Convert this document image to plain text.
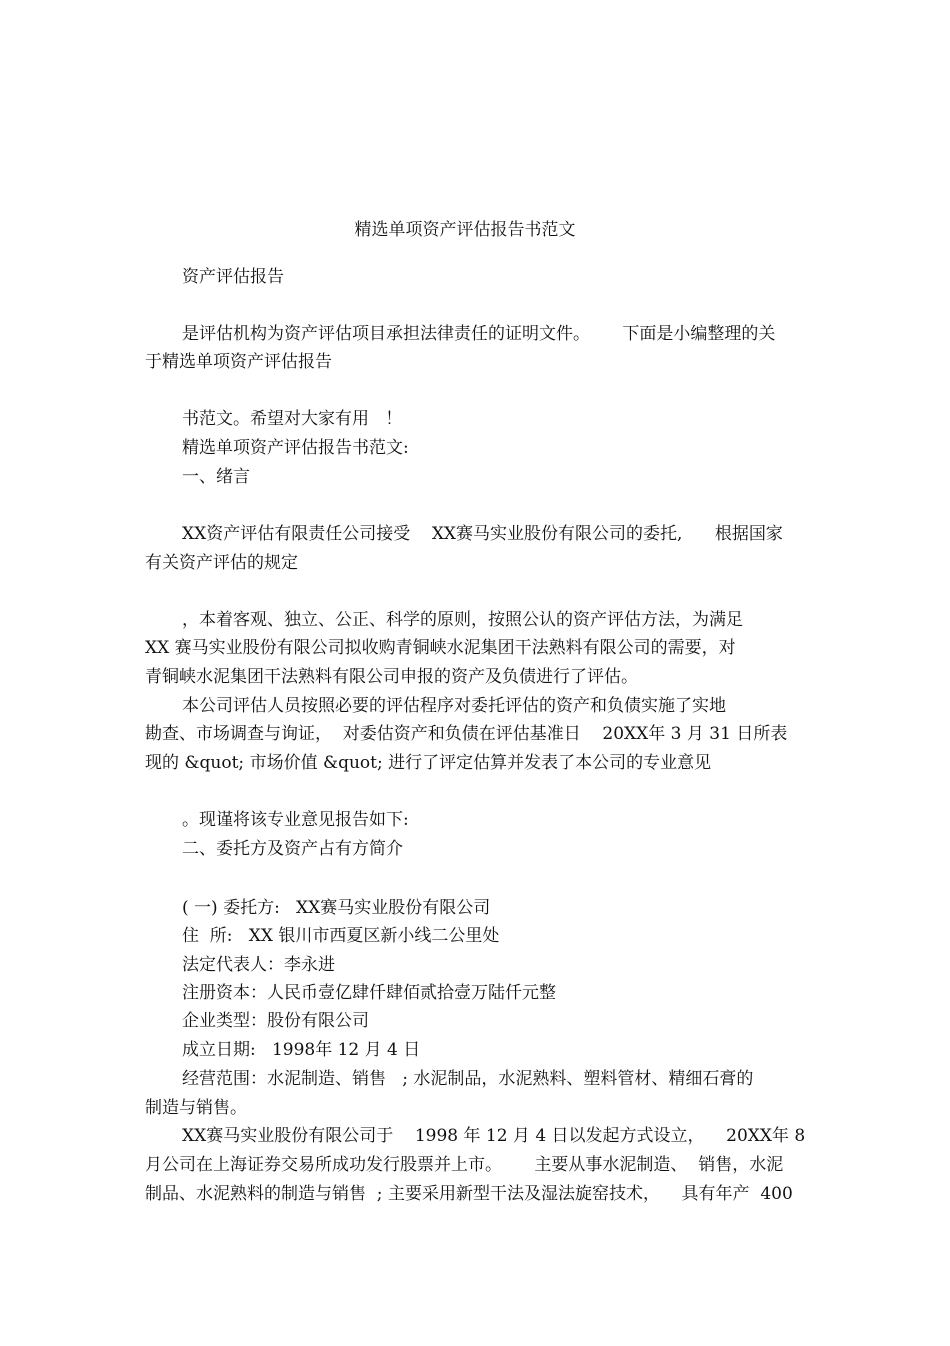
精选单项资产评估报告书范文
资产评估报告
是评估机构为资产评估项目承担法律责任的证明文件。      下面是小编整理的关
于精选单项资产评估报告
书范文。希望对大家有用   ！
精选单项资产评估报告书范文:
一、绪言
XX资产评估有限责任公司接受    XX赛马实业股份有限公司的委托,      根据国家
有关资产评估的规定
，本着客观、独立、公正、科学的原则，按照公认的资产评估方法，为满足
XX 赛马实业股份有限公司拟收购青铜峡水泥集团干法熟料有限公司的需要，对
青铜峡水泥集团干法熟料有限公司申报的资产及负债进行了评估。
本公司评估人员按照必要的评估程序对委托评估的资产和负债实施了实地
勘查、市场调查与询证，  对委估资产和负债在评估基准日    20XX年 3 月 31 日所表
现的 &quot; 市场价值 &quot; 进行了评定估算并发表了本公司的专业意见
。现谨将该专业意见报告如下:
二、委托方及资产占有方简介
( 一) 委托方:   XX赛马实业股份有限公司
住  所:   XX 银川市西夏区新小线二公里处
法定代表人：李永进
注册资本：人民币壹亿肆仟肆佰贰拾壹万陆仟元整
企业类型：股份有限公司
成立日期:   1998年 12 月 4 日
经营范围：水泥制造、销售   ; 水泥制品，水泥熟料、塑料管材、精细石膏的
制造与销售。
XX赛马实业股份有限公司于    1998 年 12 月 4 日以发起方式设立，    20XX年 8
月公司在上海证券交易所成功发行股票并上市。      主要从事水泥制造、  销售，水泥
制品、水泥熟料的制造与销售  ; 主要采用新型干法及湿法旋窑技术，    具有年产  400
